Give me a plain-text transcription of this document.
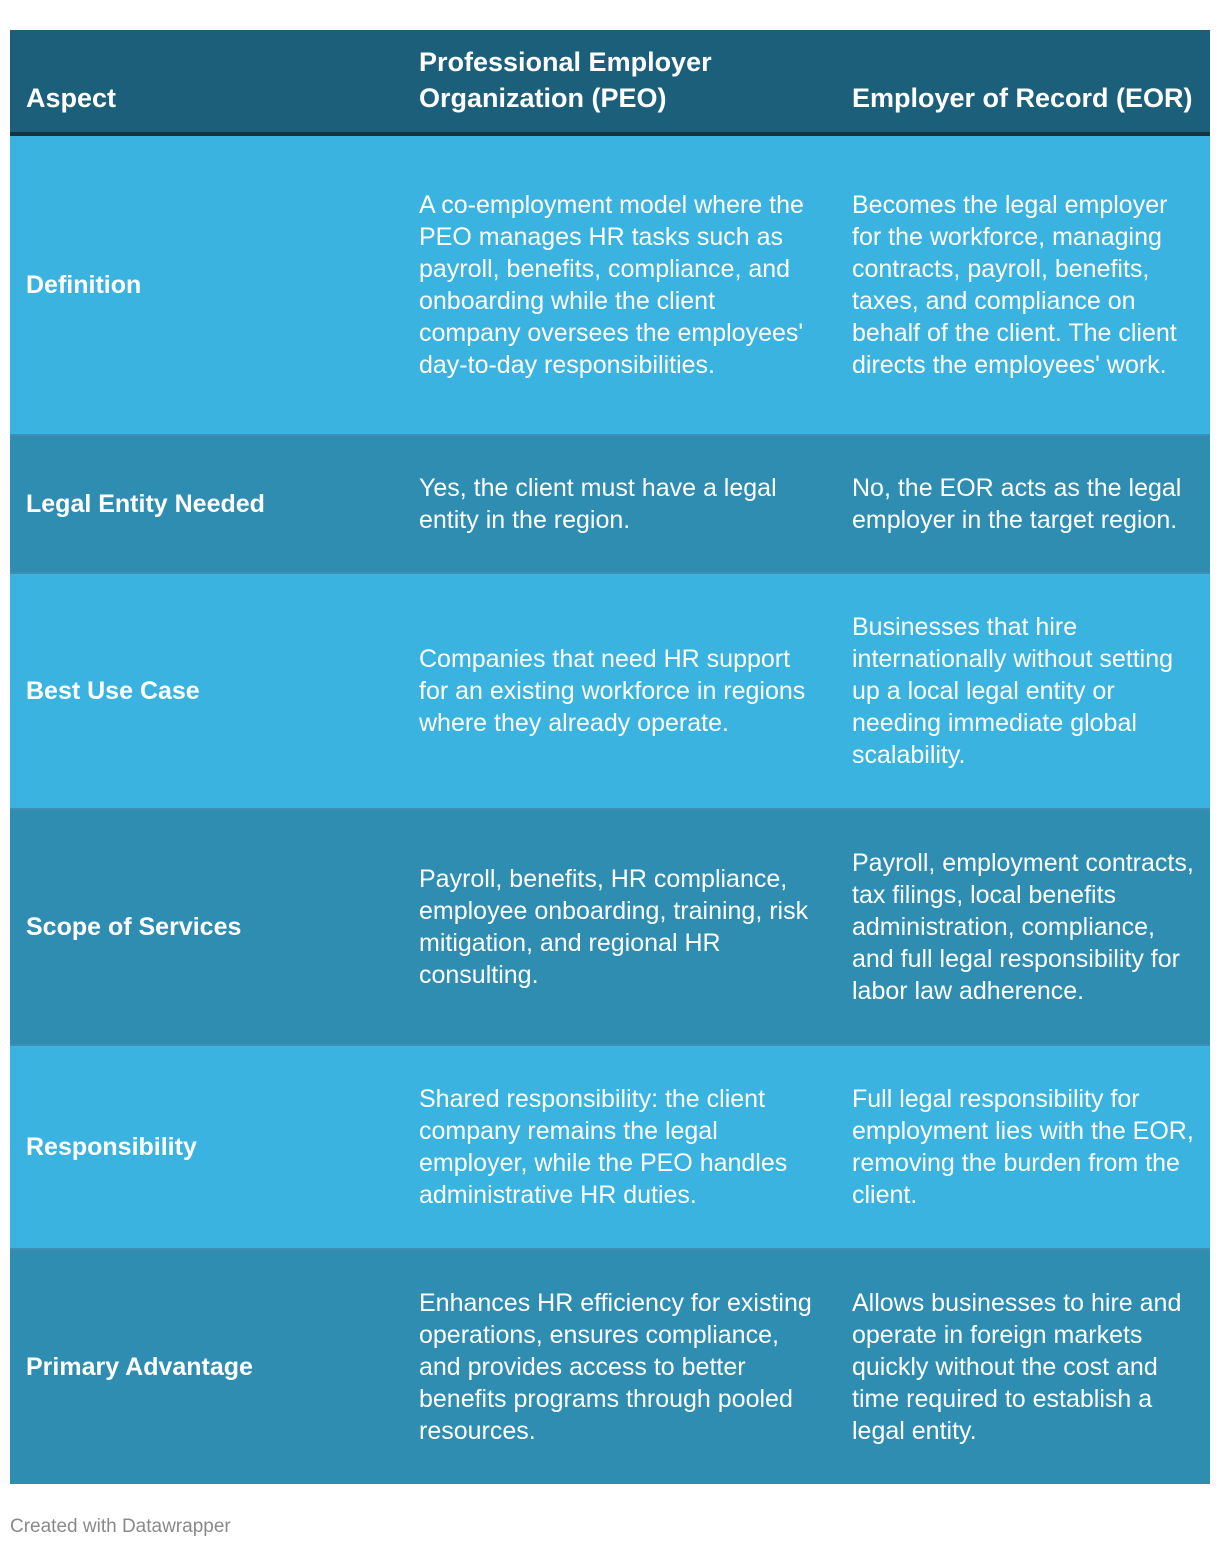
Aspect	Professional Employer Organization (PEO)	Employer of Record (EOR)
Definition	A co-employment model where the PEO manages HR tasks such as payroll, benefits, compliance, and onboarding while the client company oversees the employees' day-to-day responsibilities.	Becomes the legal employer for the workforce, managing contracts, payroll, benefits, taxes, and compliance on behalf of the client. The client directs the employees' work.
Legal Entity Needed	Yes, the client must have a legal entity in the region.	No, the EOR acts as the legal employer in the target region.
Best Use Case	Companies that need HR support for an existing workforce in regions where they already operate.	Businesses that hire internationally without setting up a local legal entity or needing immediate global scalability.
Scope of Services	Payroll, benefits, HR compliance, employee onboarding, training, risk mitigation, and regional HR consulting.	Payroll, employment contracts, tax filings, local benefits administration, compliance, and full legal responsibility for labor law adherence.
Responsibility	Shared responsibility: the client company remains the legal employer, while the PEO handles administrative HR duties.	Full legal responsibility for employment lies with the EOR, removing the burden from the client.
Primary Advantage	Enhances HR efficiency for existing operations, ensures compliance, and provides access to better benefits programs through pooled resources.	Allows businesses to hire and operate in foreign markets quickly without the cost and time required to establish a legal entity.
Created with Datawrapper
